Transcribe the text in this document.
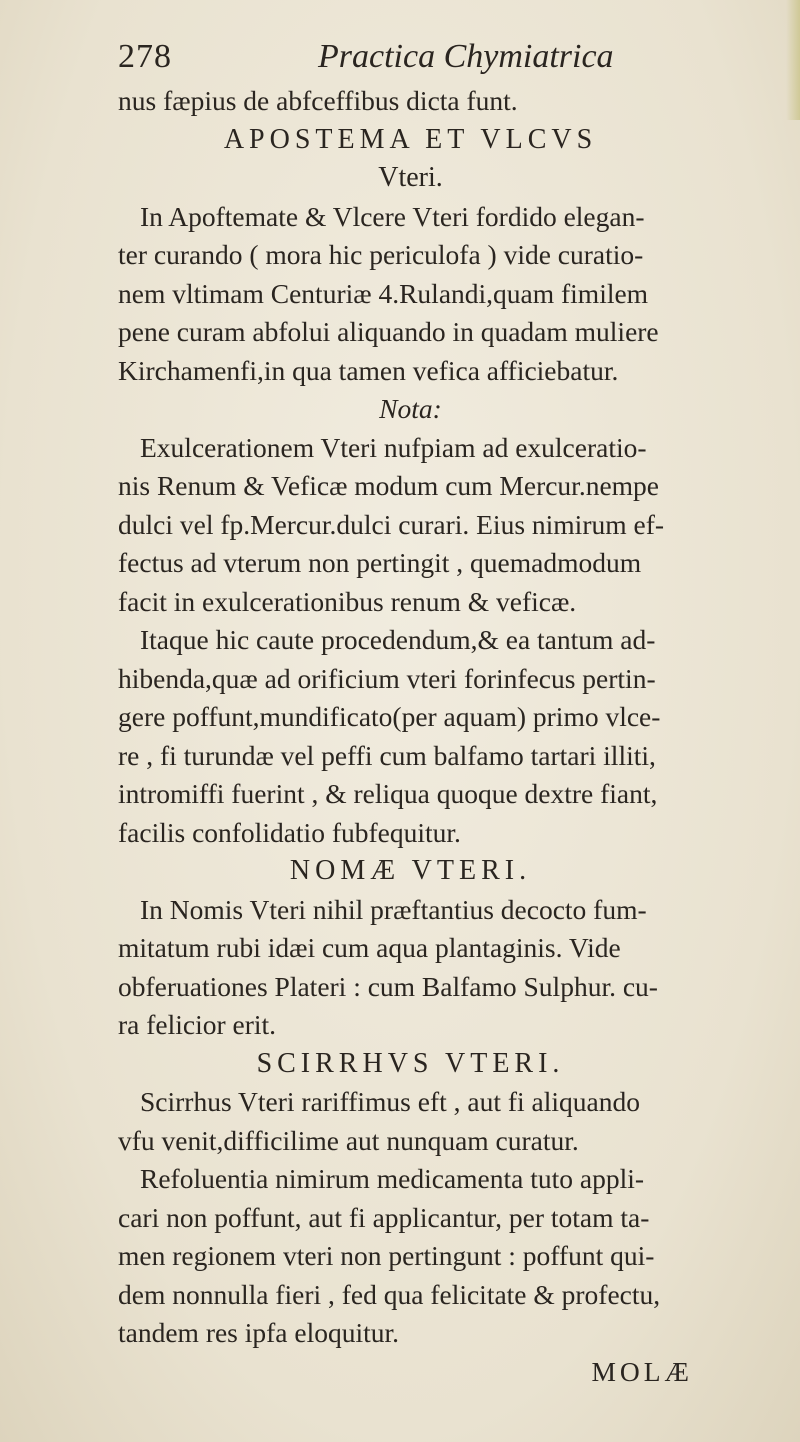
278	Practica Chymiatrica
nus fæpius de abfceffibus dicta funt.
APOSTEMA ET VLCVS
Vteri.
In Apoftemate & Vlcere Vteri fordido elegan-
ter curando ( mora hic periculofa ) vide curatio-
nem vltimam Centuriæ 4.Rulandi,quam fimilem
pene curam abfolui aliquando in quadam muliere
Kirchamenfi,in qua tamen vefica afficiebatur.
Nota:
Exulcerationem Vteri nufpiam ad exulceratio-
nis Renum & Veficæ modum cum Mercur.nempe
dulci vel fp.Mercur.dulci curari. Eius nimirum ef-
fectus ad vterum non pertingit , quemadmodum
facit in exulcerationibus renum & veficæ.
Itaque hic caute procedendum,& ea tantum ad-
hibenda,quæ ad orificium vteri forinfecus pertin-
gere poffunt,mundificato(per aquam) primo vlce-
re , fi turundæ vel peffi cum balfamo tartari illiti,
intromiffi fuerint , & reliqua quoque dextre fiant,
facilis confolidatio fubfequitur.
NOMÆ VTERI.
In Nomis Vteri nihil præftantius decocto fum-
mitatum rubi idæi cum aqua plantaginis. Vide
obferuationes Plateri : cum Balfamo Sulphur. cu-
ra felicior erit.
SCIRRHVS VTERI.
Scirrhus Vteri rariffimus eft , aut fi aliquando
vfu venit,difficilime aut nunquam curatur.
Refoluentia nimirum medicamenta tuto appli-
cari non poffunt, aut fi applicantur, per totam ta-
men regionem vteri non pertingunt : poffunt qui-
dem nonnulla fieri , fed qua felicitate & profectu,
tandem res ipfa eloquitur.
MOLÆ
